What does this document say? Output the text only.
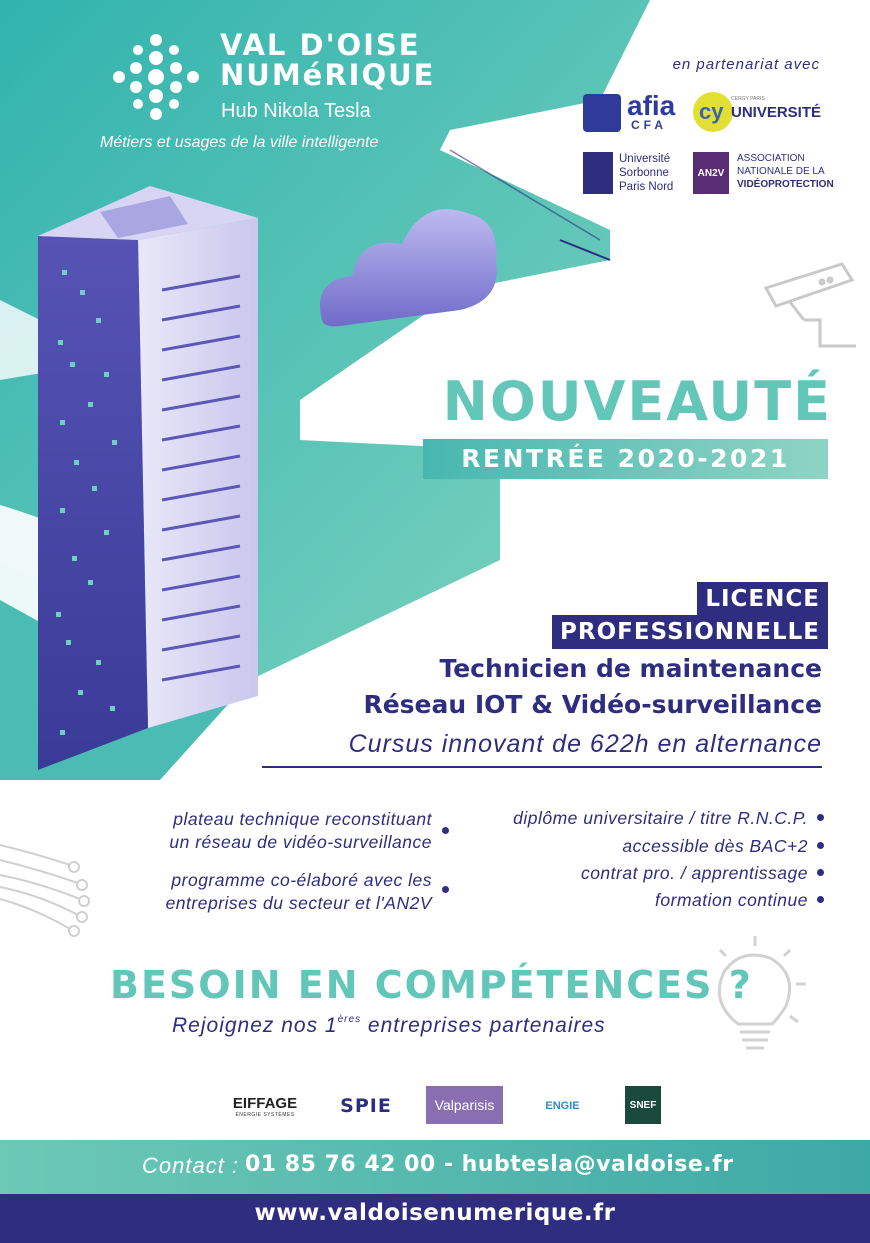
VAL D'OISE
NUMéRIQUE
Hub Nikola Tesla
Métiers et usages de la ville intelligente
en partenariat avec
afia
CFA
cy CERGY PARIS
UNIVERSITÉ
Université
Sorbonne
Paris Nord
AN2V
ASSOCIATION
NATIONALE DE LA
VIDÉOPROTECTION
NOUVEAUTÉ
RENTRÉE 2020-2021
LICENCE
PROFESSIONNELLE
Technicien de maintenance
Réseau IOT & Vidéo-surveillance
Cursus innovant de 622h en alternance
plateau technique reconstituant
un réseau de vidéo-surveillance
programme co-élaboré avec les
entreprises du secteur et l'AN2V
diplôme universitaire / titre R.N.C.P.
accessible dès BAC+2
contrat pro. / apprentissage
formation continue
BESOIN EN COMPÉTENCES ?
Rejoignez nos 1ères entreprises partenaires
EIFFAGE
ÉNERGIE SYSTÈMES	SPIE	Valparisis	ENGIE	SNEF
Contact : 01 85 76 42 00 - hubtesla@valdoise.fr
www.valdoisenumerique.fr
